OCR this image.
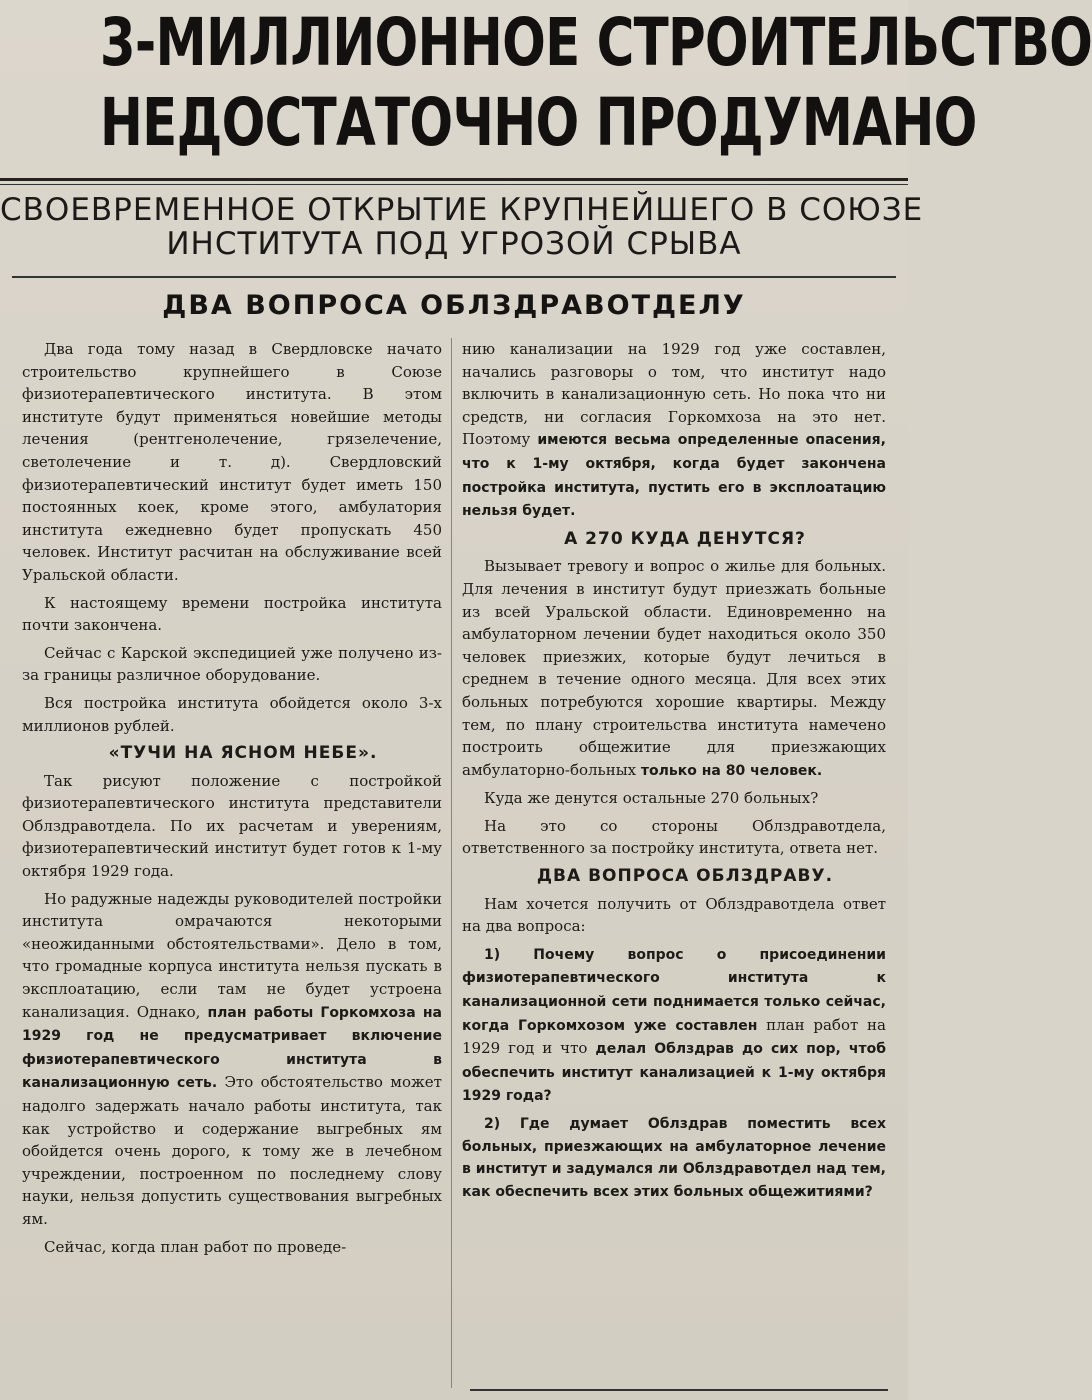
3-МИЛЛИОННОЕ СТРОИТЕЛЬСТВО
НЕДОСТАТОЧНО ПРОДУМАНО
СВОЕВРЕМЕННОЕ ОТКРЫТИЕ КРУПНЕЙШЕГО В СОЮЗЕ
ИНСТИТУТА ПОД УГРОЗОЙ СРЫВА
ДВА ВОПРОСА ОБЛЗДРАВОТДЕЛУ

Два года тому назад в Свердловске начато строительство крупнейшего в Союзе физиотерапевтического института. В этом институте будут применяться новейшие методы лечения (рентгенолечение, грязелечение, светолечение и т. д). Свердловский физиотерапевтический институт будет иметь 150 постоянных коек, кроме этого, амбулатория института ежедневно будет пропускать 450 человек. Институт расчитан на обслуживание всей Уральской области.

К настоящему времени постройка института почти закончена.

Сейчас с Карской экспедицией уже получено из-за границы различное оборудование.

Вся постройка института обойдется около 3-х миллионов рублей.

«ТУЧИ НА ЯСНОМ НЕБЕ».

Так рисуют положение с постройкой физиотерапевтического института представители Облздравотдела. По их расчетам и уверениям, физиотерапевтический институт будет готов к 1-му октября 1929 года.

Но радужные надежды руководителей постройки института омрачаются некоторыми «неожиданными обстоятельствами». Дело в том, что громадные корпуса института нельзя пускать в эксплоатацию, если там не будет устроена канализация. Однако, план работы Горкомхоза на 1929 год не предусматривает включение физиотерапевтического института в канализационную сеть. Это обстоятельство может надолго задержать начало работы института, так как устройство и содержание выгребных ям обойдется очень дорого, к тому же в лечебном учреждении, построенном по последнему слову науки, нельзя допустить существования выгребных ям.

Сейчас, когда план работ по проведе-

нию канализации на 1929 год уже составлен, начались разговоры о том, что институт надо включить в канализационную сеть. Но пока что ни средств, ни согласия Горкомхоза на это нет. Поэтому имеются весьма определенные опасения, что к 1-му октября, когда будет закончена постройка института, пустить его в эксплоатацию нельзя будет.

А 270 КУДА ДЕНУТСЯ?

Вызывает тревогу и вопрос о жилье для больных. Для лечения в институт будут приезжать больные из всей Уральской области. Единовременно на амбулаторном лечении будет находиться около 350 человек приезжих, которые будут лечиться в среднем в течение одного месяца. Для всех этих больных потребуются хорошие квартиры. Между тем, по плану строительства института намечено построить общежитие для приезжающих амбулаторно-больных только на 80 человек.

Куда же денутся остальные 270 больных?

На это со стороны Облздравотдела, ответственного за постройку института, ответа нет.

ДВА ВОПРОСА ОБЛЗДРАВУ.

Нам хочется получить от Облздравотдела ответ на два вопроса:

1) Почему вопрос о присоединении физиотерапевтического института к канализационной сети поднимается только сейчас, когда Горкомхозом уже составлен план работ на 1929 год и что делал Облздрав до сих пор, чтоб обеспечить институт канализацией к 1-му октября 1929 года?

2) Где думает Облздрав поместить всех больных, приезжающих на амбулаторное лечение в институт и задумался ли Облздравотдел над тем, как обеспечить всех этих больных общежитиями?
